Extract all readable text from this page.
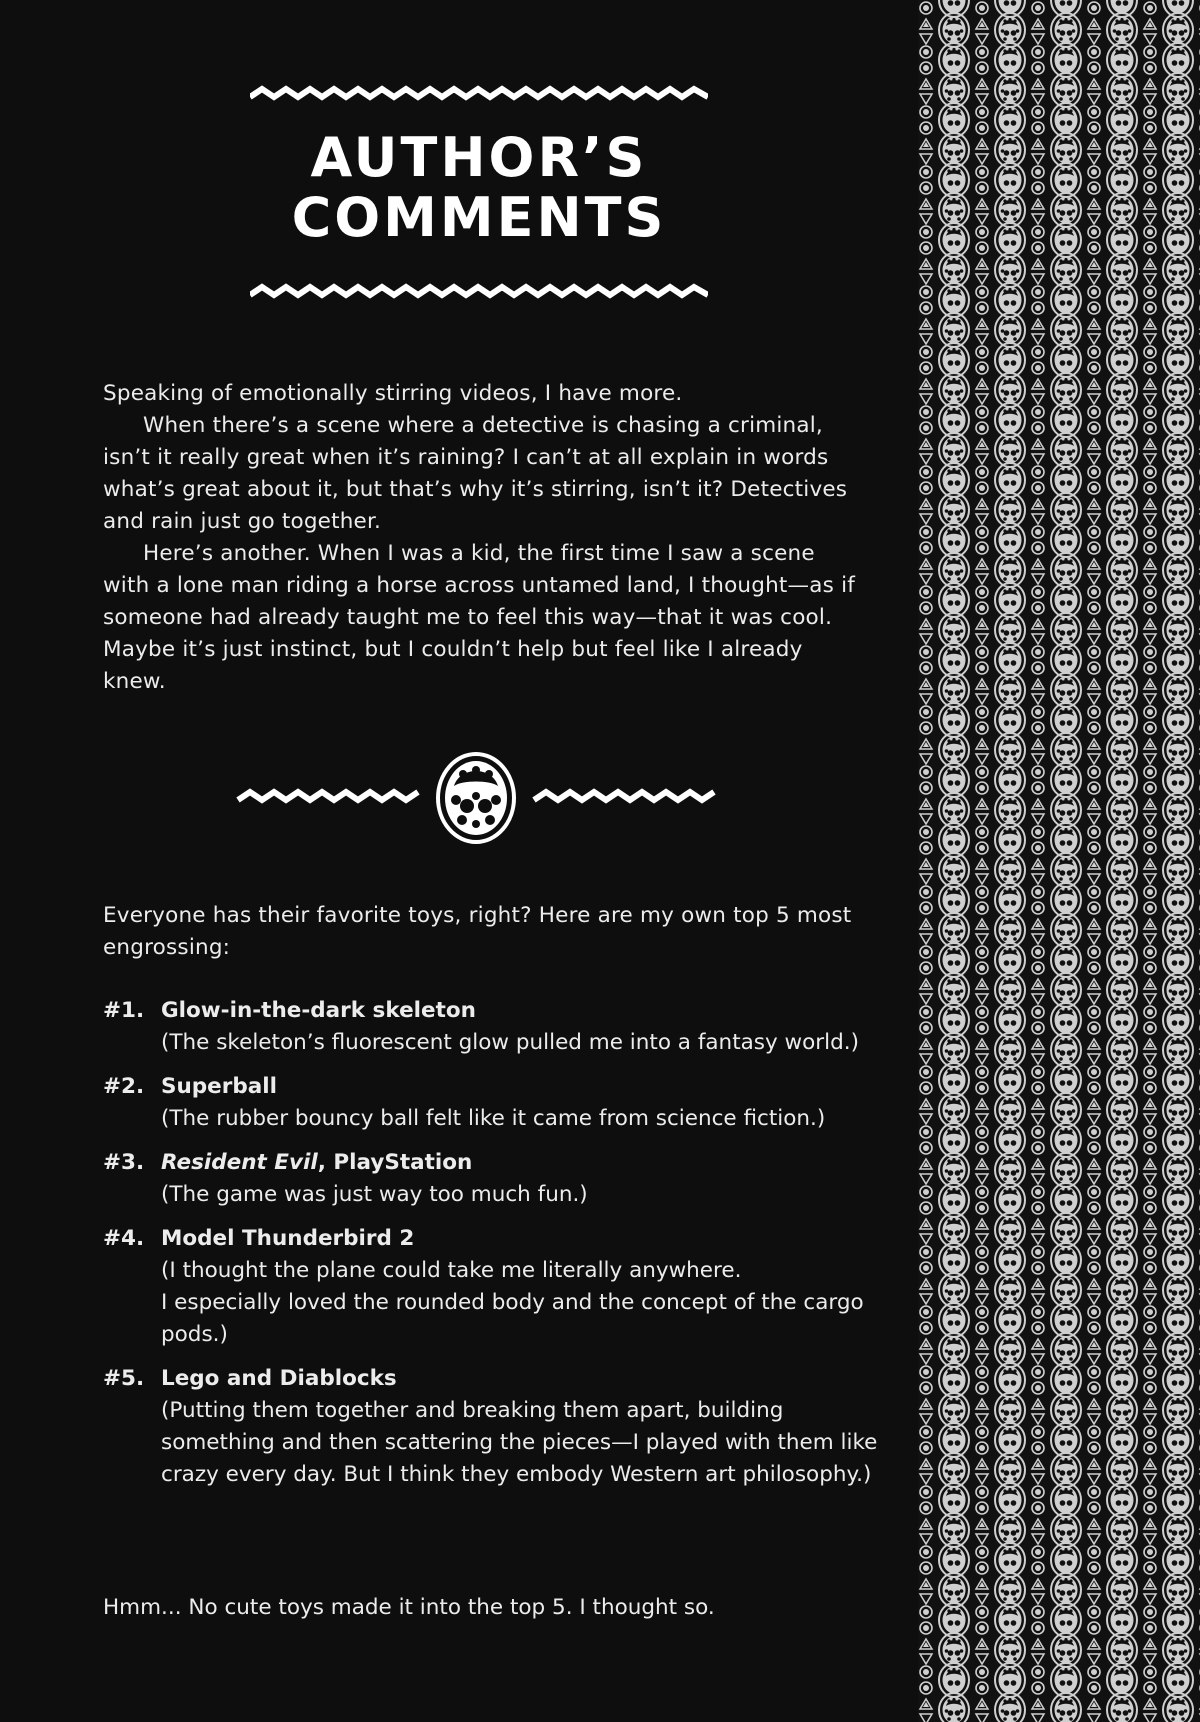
AUTHOR’S
COMMENTS

Speaking of emotionally stirring videos, I have more.

When there’s a scene where a detective is chasing a criminal, isn’t it really great when it’s raining? I can’t at all explain in words what’s great about it, but that’s why it’s stirring, isn’t it? Detectives and rain just go together.

Here’s another. When I was a kid, the first time I saw a scene with a lone man riding a horse across untamed land, I thought—as if someone had already taught me to feel this way—that it was cool. Maybe it’s just instinct, but I couldn’t help but feel like I already knew.

Everyone has their favorite toys, right? Here are my own top 5 most engrossing:

#1. Glow-in-the-dark skeleton
(The skeleton’s fluorescent glow pulled me into a fantasy world.)
#2. Superball
(The rubber bouncy ball felt like it came from science fiction.)
#3. Resident Evil, PlayStation
(The game was just way too much fun.)
#4. Model Thunderbird 2
(I thought the plane could take me literally anywhere.
I especially loved the rounded body and the concept of the cargo pods.)
#5. Lego and Diablocks
(Putting them together and breaking them apart, building something and then scattering the pieces—I played with them like crazy every day. But I think they embody Western art philosophy.)
Hmm... No cute toys made it into the top 5. I thought so.
